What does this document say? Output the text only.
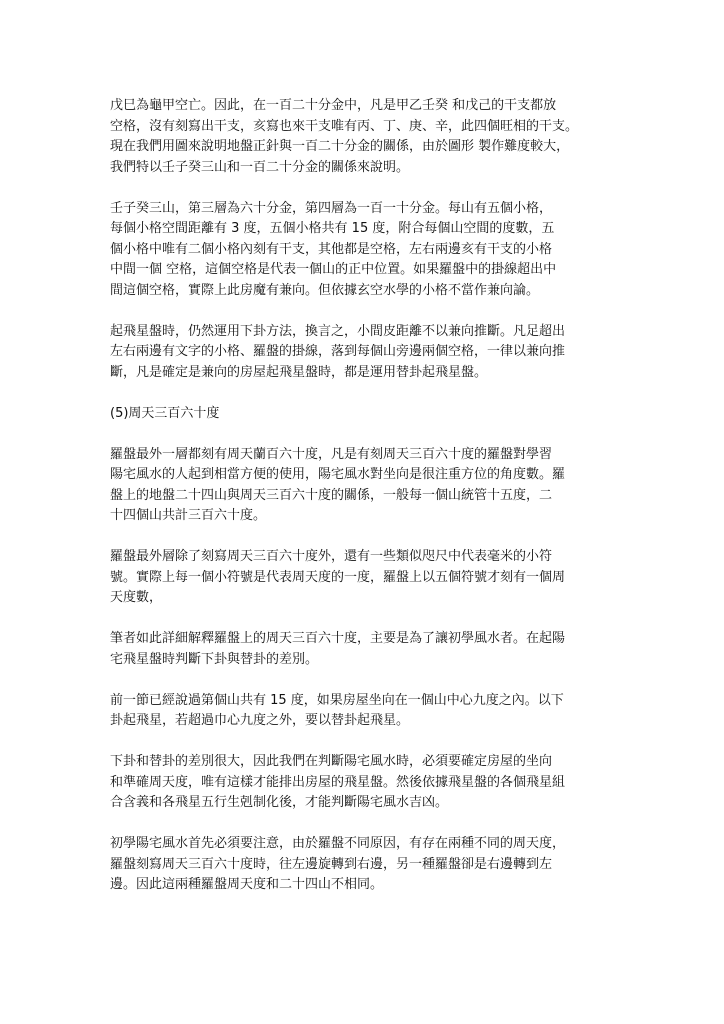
戊巳為龜甲空亡。因此，在一百二十分金中，凡是甲乙壬癸 和戊己的干支都放
空格，沒有刻寫出干支，亥寫也來干支唯有丙、丁、庚、辛，此四個旺相的干支。
現在我們用圖來說明地盤正針與一百二十分金的關係，由於圖形 製作難度較大，
我們特以壬子癸三山和一百二十分金的關係來說明。

壬子癸三山，第三層為六十分金，第四層為一百一十分金。每山有五個小格，
每個小格空間距離有 3 度，五個小格共有 15 度，附合每個山空間的度數，五
個小格中唯有二個小格內刻有干支，其他都是空格，左右兩邊亥有干支的小格
中間一個 空格，這個空格是代表一個山的正中位置。如果羅盤中的掛線超出中
間這個空格，實際上此房魔有兼向。但依據玄空水學的小格不當作兼向論。

起飛星盤時，仍然運用下卦方法，換言之，小間皮距離不以兼向推斷。凡足超出
左右兩邊有文字的小格、羅盤的掛線，落到每個山旁邊兩個空格，一律以兼向推
斷，凡是確定是兼向的房屋起飛星盤時，都是運用替卦起飛星盤。

(5)周天三百六十度

羅盤最外一層都刻有周天蘭百六十度，凡是有刻周天三百六十度的羅盤對學習
陽宅風水的人起到相當方便的使用，陽宅風水對坐向是很注重方位的角度數。羅
盤上的地盤二十四山與周天三百六十度的關係，一般每一個山統管十五度，二
十四個山共計三百六十度。

羅盤最外層除了刻寫周天三百六十度外，還有一些類似咫尺中代表毫米的小符
號。實際上每一個小符號是代表周天度的一度，羅盤上以五個符號才刻有一個周
天度數，

筆者如此詳細解釋羅盤上的周天三百六十度，主要是為了讓初學風水者。在起陽
宅飛星盤時判斷下卦與替卦的差別。

前一節已經說過第個山共有 15 度，如果房屋坐向在一個山中心九度之內。以下
卦起飛星，若超過巾心九度之外，要以替卦起飛星。

下卦和替卦的差別很大，因此我們在判斷陽宅風水時，必須要確定房屋的坐向
和準確周天度，唯有這樣才能排出房屋的飛星盤。然後依據飛星盤的各個飛星組
合含義和各飛星五行生剋制化後，才能判斷陽宅風水吉凶。

初學陽宅風水首先必須要注意，由於羅盤不同原因，有存在兩種不同的周天度，
羅盤刻寫周天三百六十度時，往左邊旋轉到右邊，另一種羅盤卻是右邊轉到左
邊。因此這兩種羅盤周天度和二十四山不相同。
